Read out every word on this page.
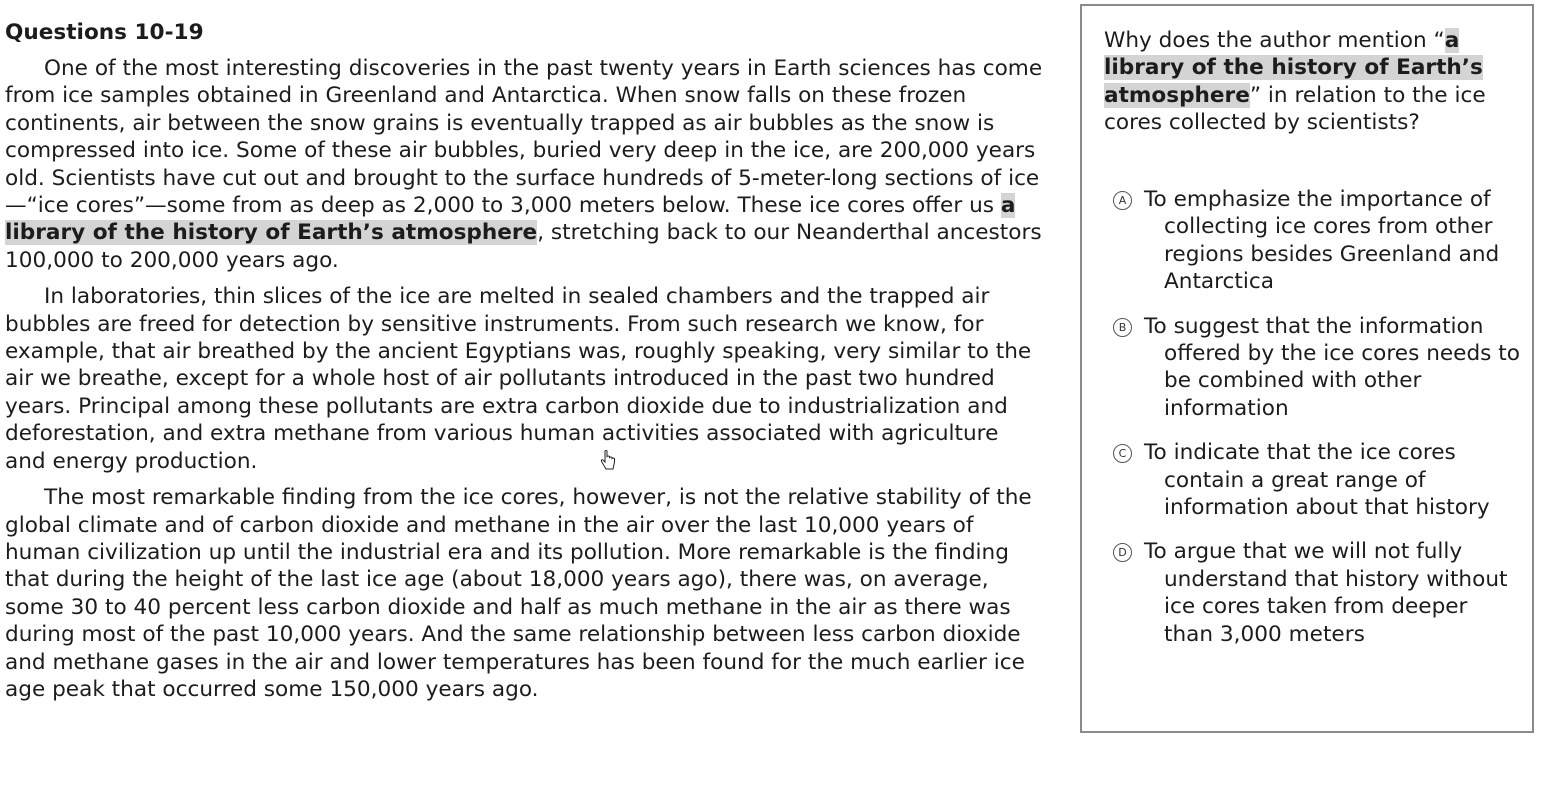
Questions 10-19

One of the most interesting discoveries in the past twenty years in Earth sciences has come from ice samples obtained in Greenland and Antarctica. When snow falls on these frozen continents, air between the snow grains is eventually trapped as air bubbles as the snow is compressed into ice. Some of these air bubbles, buried very deep in the ice, are 200,000 years old. Scientists have cut out and brought to the surface hundreds of 5-meter-long sections of ice—“ice cores”—some from as deep as 2,000 to 3,000 meters below. These ice cores offer us a library of the history of Earth’s atmosphere, stretching back to our Neanderthal ancestors 100,000 to 200,000 years ago.

In laboratories, thin slices of the ice are melted in sealed chambers and the trapped air bubbles are freed for detection by sensitive instruments. From such research we know, for example, that air breathed by the ancient Egyptians was, roughly speaking, very similar to the air we breathe, except for a whole host of air pollutants introduced in the past two hundred years. Principal among these pollutants are extra carbon dioxide due to industrialization and deforestation, and extra methane from various human activities associated with agriculture and energy production.

The most remarkable finding from the ice cores, however, is not the relative stability of the global climate and of carbon dioxide and methane in the air over the last 10,000 years of human civilization up until the industrial era and its pollution. More remarkable is the finding that during the height of the last ice age (about 18,000 years ago), there was, on average, some 30 to 40 percent less carbon dioxide and half as much methane in the air as there was during most of the past 10,000 years. And the same relationship between less carbon dioxide and methane gases in the air and lower temperatures has been found for the much earlier ice age peak that occurred some 150,000 years ago.

Why does the author mention “a library of the history of Earth’s atmosphere” in relation to the ice cores collected by scientists?
A To emphasize the importance of collecting ice cores from other regions besides Greenland and Antarctica
B To suggest that the information offered by the ice cores needs to be combined with other information
C To indicate that the ice cores contain a great range of information about that history
D To argue that we will not fully understand that history without ice cores taken from deeper than 3,000 meters
